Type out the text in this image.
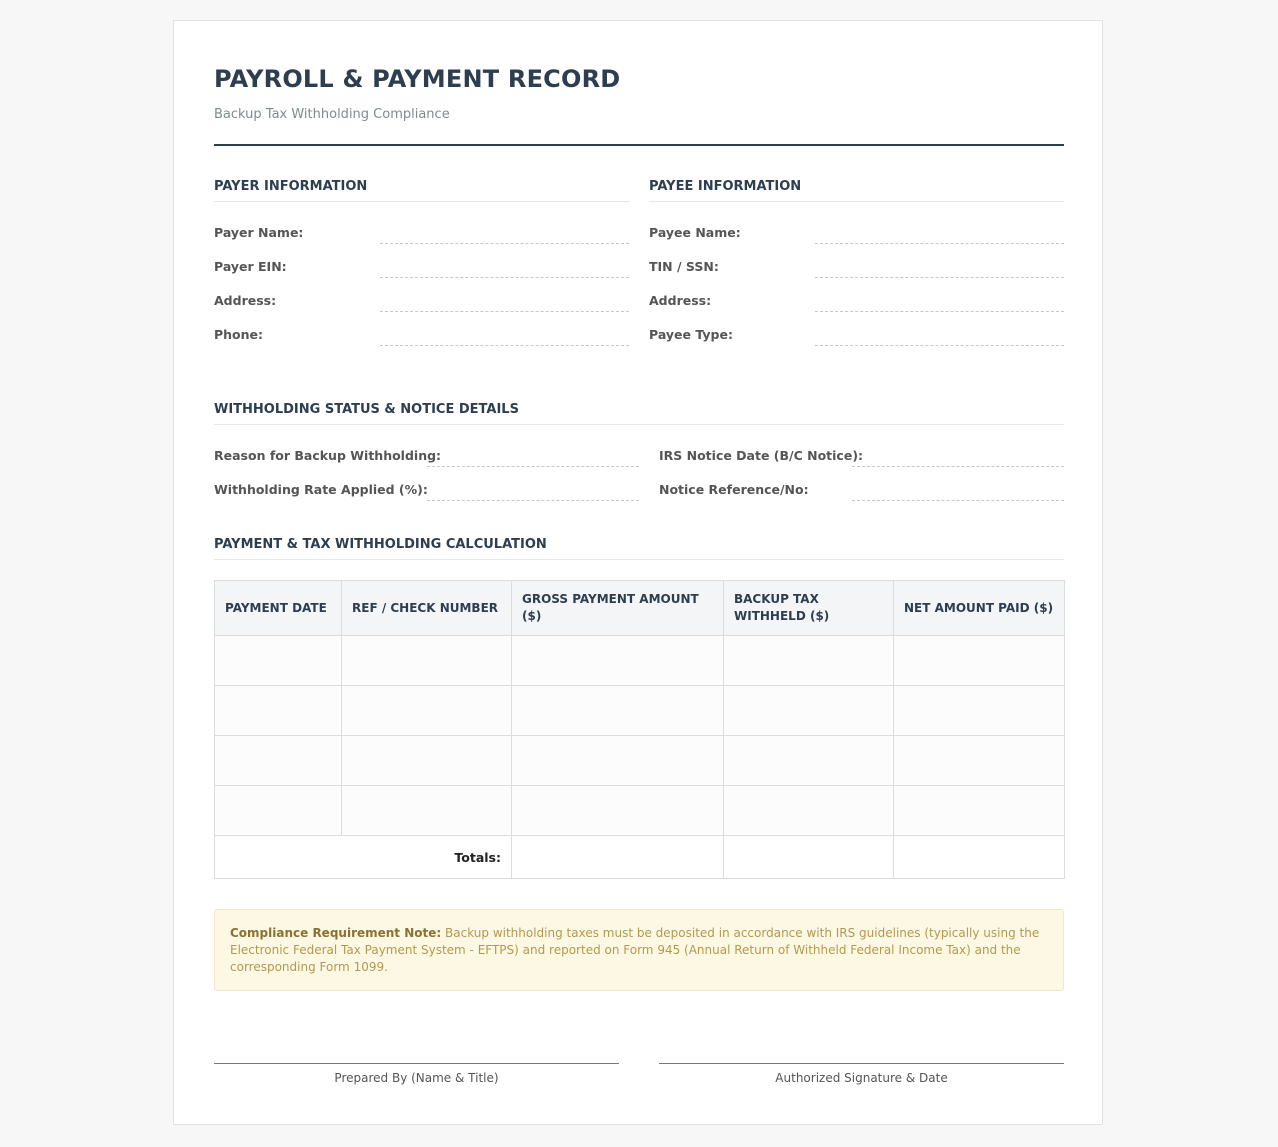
PAYROLL & PAYMENT RECORD
Backup Tax Withholding Compliance
PAYER INFORMATION
Payer Name:
Payer EIN:
Address:
Phone:
PAYEE INFORMATION
Payee Name:
TIN / SSN:
Address:
Payee Type:
WITHHOLDING STATUS & NOTICE DETAILS
Reason for Backup Withholding:
Withholding Rate Applied (%):
IRS Notice Date (B/C Notice):
Notice Reference/No:
PAYMENT & TAX WITHHOLDING CALCULATION
PAYMENT DATE	REF / CHECK NUMBER	GROSS PAYMENT AMOUNT ($)	BACKUP TAX WITHHELD ($)	NET AMOUNT PAID ($)

Totals:				
Compliance Requirement Note: Backup withholding taxes must be deposited in accordance with IRS guidelines (typically using the Electronic Federal Tax Payment System - EFTPS) and reported on Form 945 (Annual Return of Withheld Federal Income Tax) and the corresponding Form 1099.
Prepared By (Name & Title)	Authorized Signature & Date
